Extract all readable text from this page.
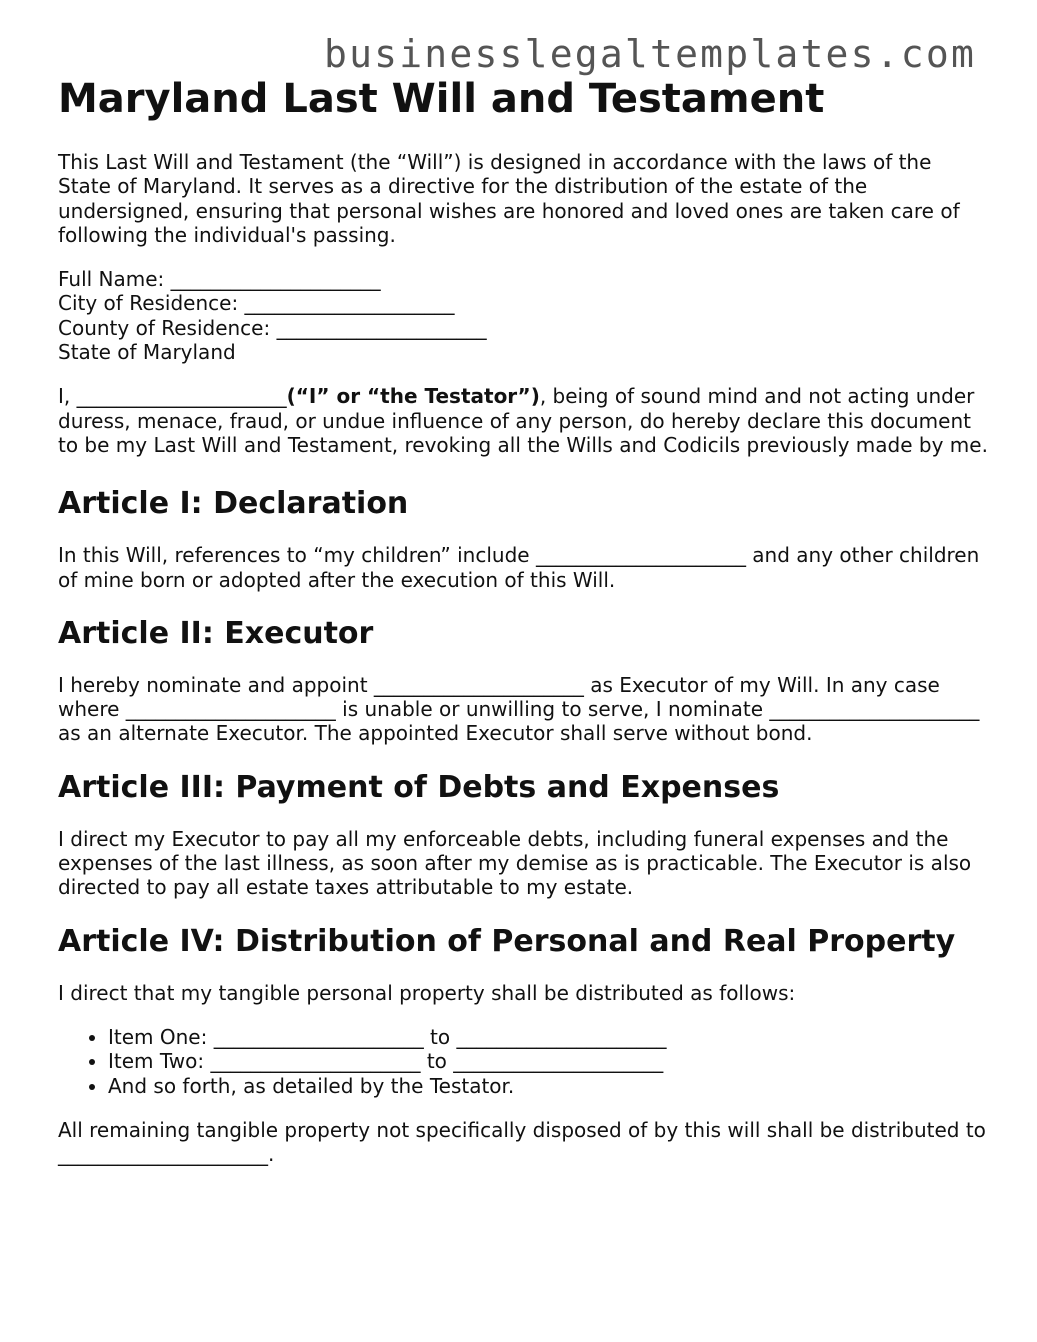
businesslegaltemplates.com
Maryland Last Will and Testament

This Last Will and Testament (the “Will”) is designed in accordance with the laws of the State of Maryland. It serves as a directive for the distribution of the estate of the undersigned, ensuring that personal wishes are honored and loved ones are taken care of following the individual's passing.

Full Name: _____________________
City of Residence: _____________________
County of Residence: _____________________
State of Maryland

I, _____________________(“I” or “the Testator”), being of sound mind and not acting under duress, menace, fraud, or undue influence of any person, do hereby declare this document to be my Last Will and Testament, revoking all the Wills and Codicils previously made by me.

Article I: Declaration

In this Will, references to “my children” include _____________________ and any other children of mine born or adopted after the execution of this Will.

Article II: Executor

I hereby nominate and appoint _____________________ as Executor of my Will. In any case where _____________________ is unable or unwilling to serve, I nominate _____________________ as an alternate Executor. The appointed Executor shall serve without bond.

Article III: Payment of Debts and Expenses

I direct my Executor to pay all my enforceable debts, including funeral expenses and the expenses of the last illness, as soon after my demise as is practicable. The Executor is also directed to pay all estate taxes attributable to my estate.

Article IV: Distribution of Personal and Real Property

I direct that my tangible personal property shall be distributed as follows:

• Item One: _____________________ to _____________________
• Item Two: _____________________ to _____________________
• And so forth, as detailed by the Testator.

All remaining tangible property not specifically disposed of by this will shall be distributed to _____________________.
